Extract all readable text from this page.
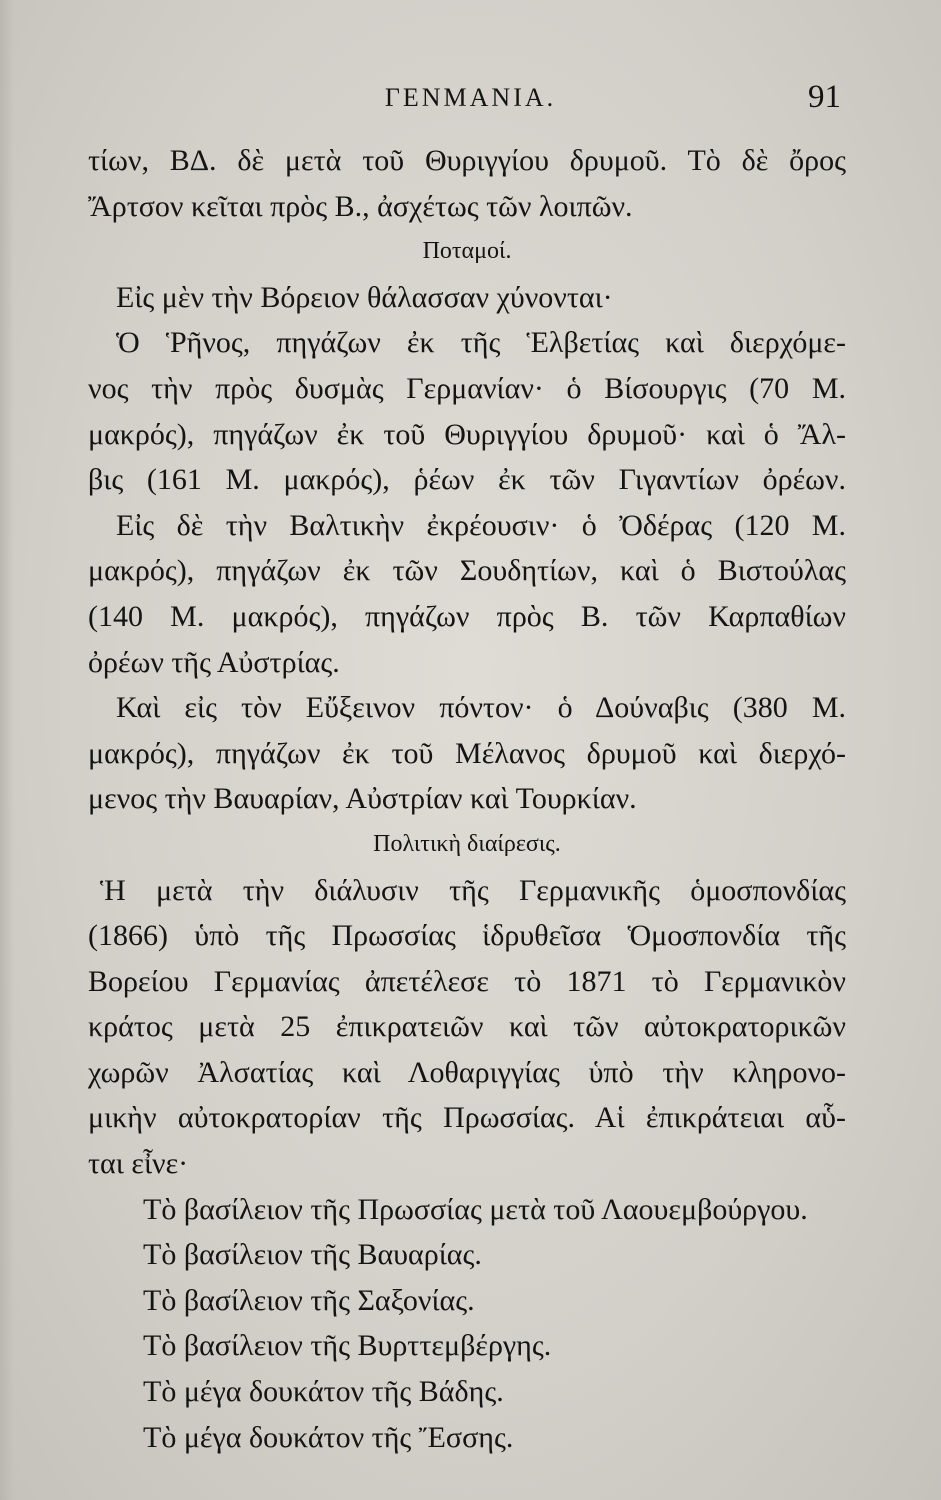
ΓΕΝΜΑΝΙΑ.	91
τίων, ΒΔ. δὲ μετὰ τοῦ Θυριγγίου δρυμοῦ. Τὸ δὲ ὄρος
Ἄρτσον κεῖται πρὸς Β., ἀσχέτως τῶν λοιπῶν.
Ποταμοί.
Εἰς μὲν τὴν Βόρειον θάλασσαν χύνονται·
Ὁ Ῥῆνος, πηγάζων ἐκ τῆς Ἑλβετίας καὶ διερχόμε-
νος τὴν πρὸς δυσμὰς Γερμανίαν· ὁ Βίσουργις (70 Μ.
μακρός), πηγάζων ἐκ τοῦ Θυριγγίου δρυμοῦ· καὶ ὁ Ἄλ-
βις (161 Μ. μακρός), ῥέων ἐκ τῶν Γιγαντίων ὀρέων.
Εἰς δὲ τὴν Βαλτικὴν ἐκρέουσιν· ὁ Ὀδέρας (120 Μ.
μακρός), πηγάζων ἐκ τῶν Σουδητίων, καὶ ὁ Βιστούλας
(140 Μ. μακρός), πηγάζων πρὸς Β. τῶν Καρπαθίων
ὀρέων τῆς Αὐστρίας.
Καὶ εἰς τὸν Εὔξεινον πόντον· ὁ Δούναβις (380 Μ.
μακρός), πηγάζων ἐκ τοῦ Μέλανος δρυμοῦ καὶ διερχό-
μενος τὴν Βαυαρίαν, Αὐστρίαν καὶ Τουρκίαν.
Πολιτικὴ διαίρεσις.
Ἡ μετὰ τὴν διάλυσιν τῆς Γερμανικῆς ὁμοσπονδίας
(1866) ὑπὸ τῆς Πρωσσίας ἱδρυθεῖσα Ὁμοσπονδία τῆς
Βορείου Γερμανίας ἀπετέλεσε τὸ 1871 τὸ Γερμανικὸν
κράτος μετὰ 25 ἐπικρατειῶν καὶ τῶν αὐτοκρατορικῶν
χωρῶν Ἀλσατίας καὶ Λοθαριγγίας ὑπὸ τὴν κληρονο-
μικὴν αὐτοκρατορίαν τῆς Πρωσσίας. Αἱ ἐπικράτειαι αὗ-
ται εἶνε·
Τὸ βασίλειον τῆς Πρωσσίας μετὰ τοῦ Λαουεμβούργου.
Τὸ βασίλειον τῆς Βαυαρίας.
Τὸ βασίλειον τῆς Σαξονίας.
Τὸ βασίλειον τῆς Βυρττεμβέργης.
Τὸ μέγα δουκάτον τῆς Βάδης.
Τὸ μέγα δουκάτον τῆς Ἔσσης.
